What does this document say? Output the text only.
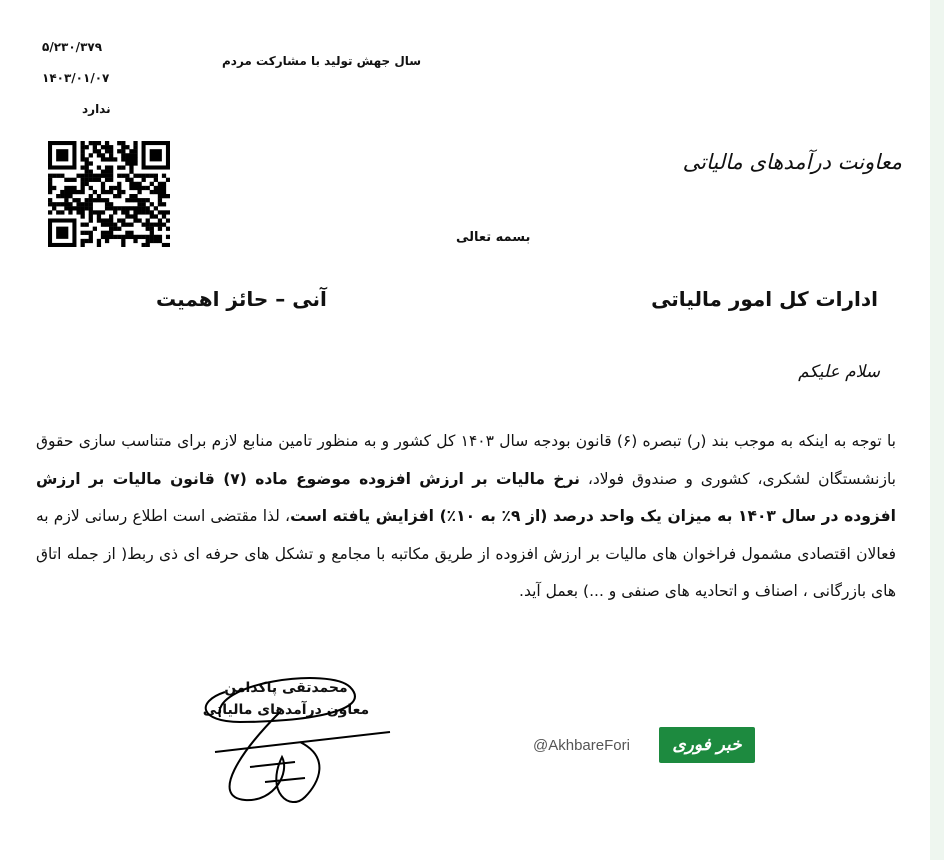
۵/۲۳۰/۳۷۹
۱۴۰۳/۰۱/۰۷
ندارد
سال جهش تولید با مشارکت مردم
معاونت درآمدهای مالیاتی
بسمه تعالی
ادارات کل امور مالیاتی
آنی – حائز اهمیت
سلام علیکم
با توجه به اینکه به موجب بند (ر) تبصره (۶) قانون بودجه سال ۱۴۰۳ کل کشور و به منظور تامین منابع لازم برای متناسب سازی حقوق بازنشستگان لشکری، کشوری و صندوق فولاد، نرخ مالیات بر ارزش افزوده موضوع ماده (۷) قانون مالیات بر ارزش افزوده در سال ۱۴۰۳ به میزان یک واحد درصد (از ۹٪ به ۱۰٪) افزایش یافته است، لذا مقتضی است اطلاع رسانی لازم به فعالان اقتصادی مشمول فراخوان های مالیات بر ارزش افزوده از طریق مکاتبه با مجامع و تشکل های حرفه ای ذی ربط( از جمله اتاق های بازرگانی ، اصناف و اتحادیه های صنفی و ...) بعمل آید.
محمدتقی پاکدامن
معاون درآمدهای مالیاتی
@AkhbareFori	خبر فوری
